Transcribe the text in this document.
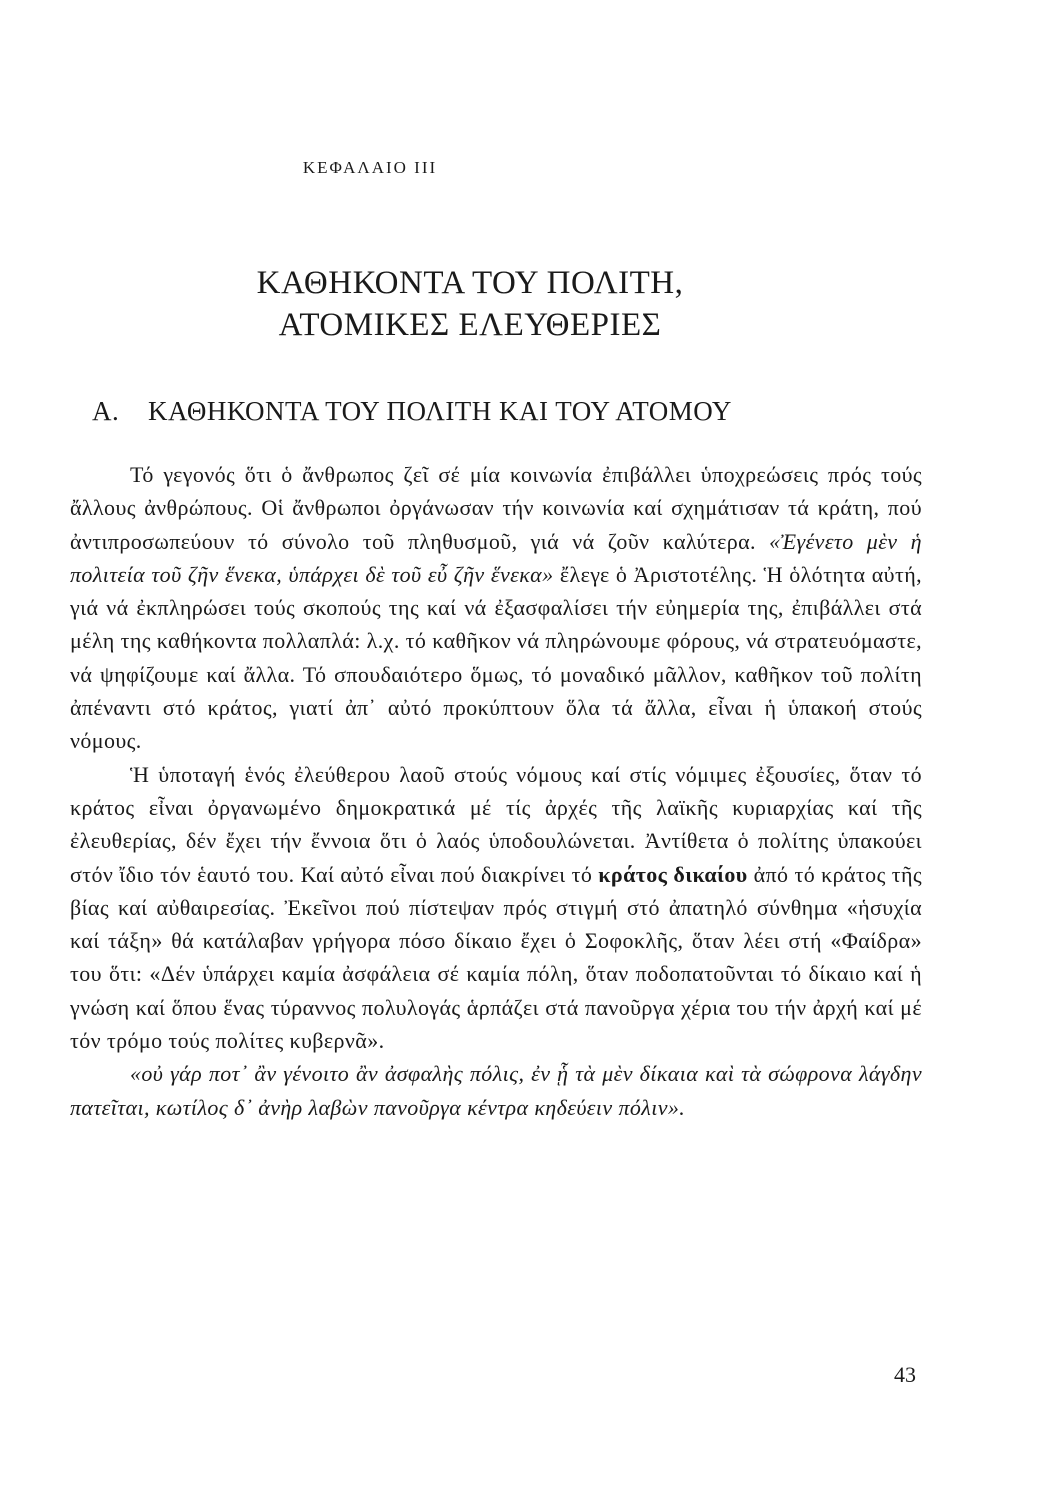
ΚΕΦΑΛΑΙΟ ΙΙΙ
ΚΑΘΗΚΟΝΤΑ ΤΟΥ ΠΟΛΙΤΗ,
ΑΤΟΜΙΚΕΣ ΕΛΕΥΘΕΡΙΕΣ
Α. ΚΑΘΗΚΟΝΤΑ ΤΟΥ ΠΟΛΙΤΗ ΚΑΙ ΤΟΥ ΑΤΟΜΟΥ

Τό γεγονός ὅτι ὁ ἄνθρωπος ζεῖ σέ μία κοινωνία ἐπιβάλλει ὑποχρεώσεις πρός τούς ἄλλους ἀνθρώπους. Οἱ ἄνθρωποι ὀργάνωσαν τήν κοινωνία καί σχημάτισαν τά κράτη, πού ἀντιπροσωπεύουν τό σύνολο τοῦ πληθυσμοῦ, γιά νά ζοῦν καλύτερα. «Ἐγένετο μὲν ἡ πολιτεία τοῦ ζῆν ἕνεκα, ὑπάρχει δὲ τοῦ εὖ ζῆν ἕνεκα» ἔλεγε ὁ Ἀριστοτέλης. Ἡ ὁλότητα αὐτή, γιά νά ἐκπληρώσει τούς σκοπούς της καί νά ἐξασφαλίσει τήν εὐημερία της, ἐπιβάλλει στά μέλη της καθήκοντα πολλαπλά: λ.χ. τό καθῆκον νά πληρώνουμε φόρους, νά στρατευόμαστε, νά ψηφίζουμε καί ἄλλα. Τό σπουδαιότερο ὅμως, τό μοναδικό μᾶλλον, καθῆκον τοῦ πολίτη ἀπέναντι στό κράτος, γιατί ἀπ᾽ αὐτό προκύπτουν ὅλα τά ἄλλα, εἶναι ἡ ὑπακοή στούς νόμους.

Ἡ ὑποταγή ἑνός ἐλεύθερου λαοῦ στούς νόμους καί στίς νόμιμες ἐξουσίες, ὅταν τό κράτος εἶναι ὀργανωμένο δημοκρατικά μέ τίς ἀρχές τῆς λαϊκῆς κυριαρχίας καί τῆς ἐλευθερίας, δέν ἔχει τήν ἔννοια ὅτι ὁ λαός ὑποδουλώνεται. Ἀντίθετα ὁ πολίτης ὑπακούει στόν ἴδιο τόν ἑαυτό του. Καί αὐτό εἶναι πού διακρίνει τό κράτος δικαίου ἀπό τό κράτος τῆς βίας καί αὐθαιρεσίας. Ἐκεῖνοι πού πίστεψαν πρός στιγμή στό ἀπατηλό σύνθημα «ἡσυχία καί τάξη» θά κατάλαβαν γρήγορα πόσο δίκαιο ἔχει ὁ Σοφοκλῆς, ὅταν λέει στή «Φαίδρα» του ὅτι: «Δέν ὑπάρχει καμία ἀσφάλεια σέ καμία πόλη, ὅταν ποδοπατοῦνται τό δίκαιο καί ἡ γνώση καί ὅπου ἕνας τύραννος πολυλογάς ἁρπάζει στά πανοῦργα χέρια του τήν ἀρχή καί μέ τόν τρόμο τούς πολίτες κυβερνᾶ».

«οὐ γάρ ποτ᾽ ἂν γένοιτο ἂν ἀσφαλὴς πόλις, ἐν ᾗ τὰ μὲν δίκαια καὶ τὰ σώφρονα λάγδην πατεῖται, κωτίλος δ᾽ ἀνὴρ λαβὼν πανοῦργα κέντρα κηδεύειν πόλιν».

43
